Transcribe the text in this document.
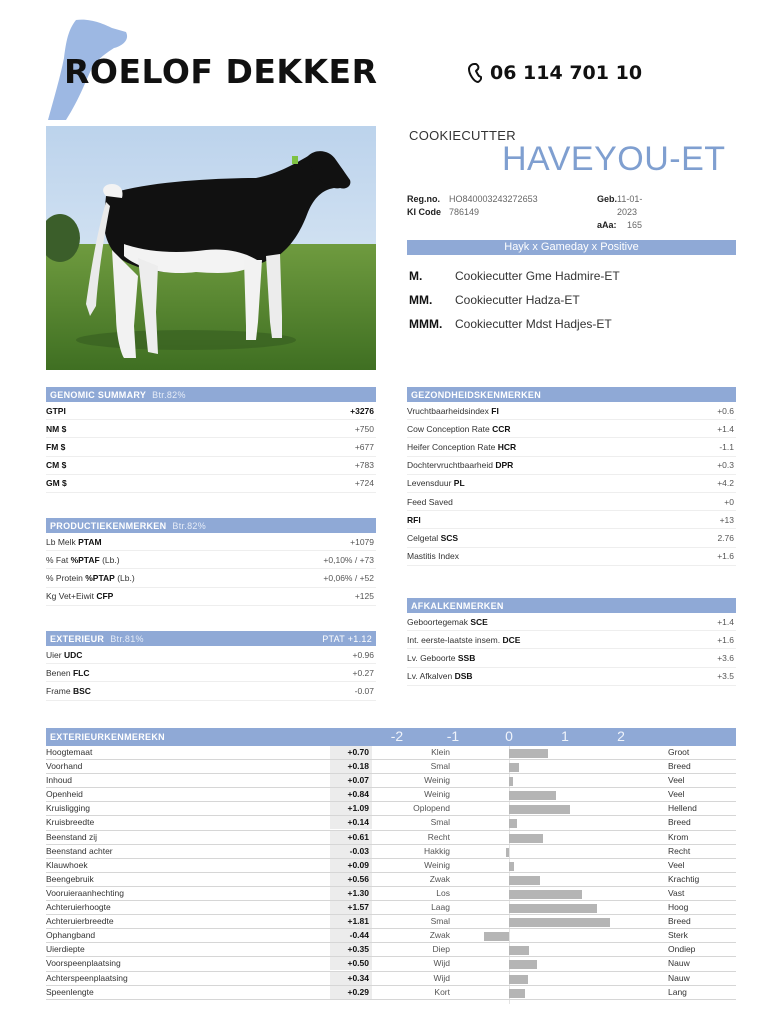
ROELOF DEKKER	06 114 701 10
COOKIECUTTER
HAVEYOU-ET
Reg.no.	HO840003243272653
KI Code 786149
Geb. 11-01-2023
aAa:	165
Hayk x Gameday x Positive
M.	Cookiecutter Gme Hadmire-ET
MM.	Cookiecutter Hadza-ET
MMM.	Cookiecutter Mdst Hadjes-ET
GENOMIC SUMMARY Btr.82%
GTPI	+3276
NM $	+750
FM $	+677
CM $	+783
GM $	+724
PRODUCTIEKENMERKEN Btr.82%
Lb Melk PTAM	+1079
% Fat %PTAF (Lb.)	+0,10% / +73
% Protein %PTAP (Lb.)	+0,06% / +52
Kg Vet+Eiwit CFP	+125
EXTERIEUR Btr.81%	PTAT +1.12
Uier UDC	+0.96
Benen FLC	+0.27
Frame BSC	-0.07
GEZONDHEIDSKENMERKEN
Vruchtbaarheidsindex FI	+0.6
Cow Conception Rate CCR	+1.4
Heifer Conception Rate HCR	-1.1
Dochtervruchtbaarheid DPR	+0.3
Levensduur PL	+4.2
Feed Saved	+0
RFI	+13
Celgetal SCS	2.76
Mastitis Index	+1.6
AFKALKENMERKEN
Geboortegemak SCE	+1.4
Int. eerste-laatste insem. DCE	+1.6
Lv. Geboorte SSB	+3.6
Lv. Afkalven DSB	+3.5
EXTERIEURKENMEREKN	-2	-1	0	1	2
Hoogtemaat	+0.70	Klein	Groot
Voorhand	+0.18	Smal	Breed
Inhoud	+0.07	Weinig	Veel
Openheid	+0.84	Weinig	Veel
Kruisligging	+1.09	Oplopend	Hellend
Kruisbreedte	+0.14	Smal	Breed
Beenstand zij	+0.61	Recht	Krom
Beenstand achter	-0.03	Hakkig	Recht
Klauwhoek	+0.09	Weinig	Veel
Beengebruik	+0.56	Zwak	Krachtig
Vooruieraanhechting	+1.30	Los	Vast
Achteruierhoogte	+1.57	Laag	Hoog
Achteruierbreedte	+1.81	Smal	Breed
Ophangband	-0.44	Zwak	Sterk
Uierdiepte	+0.35	Diep	Ondiep
Voorspeenplaatsing	+0.50	Wijd	Nauw
Achterspeenplaatsing	+0.34	Wijd	Nauw
Speenlengte	+0.29	Kort	Lang
